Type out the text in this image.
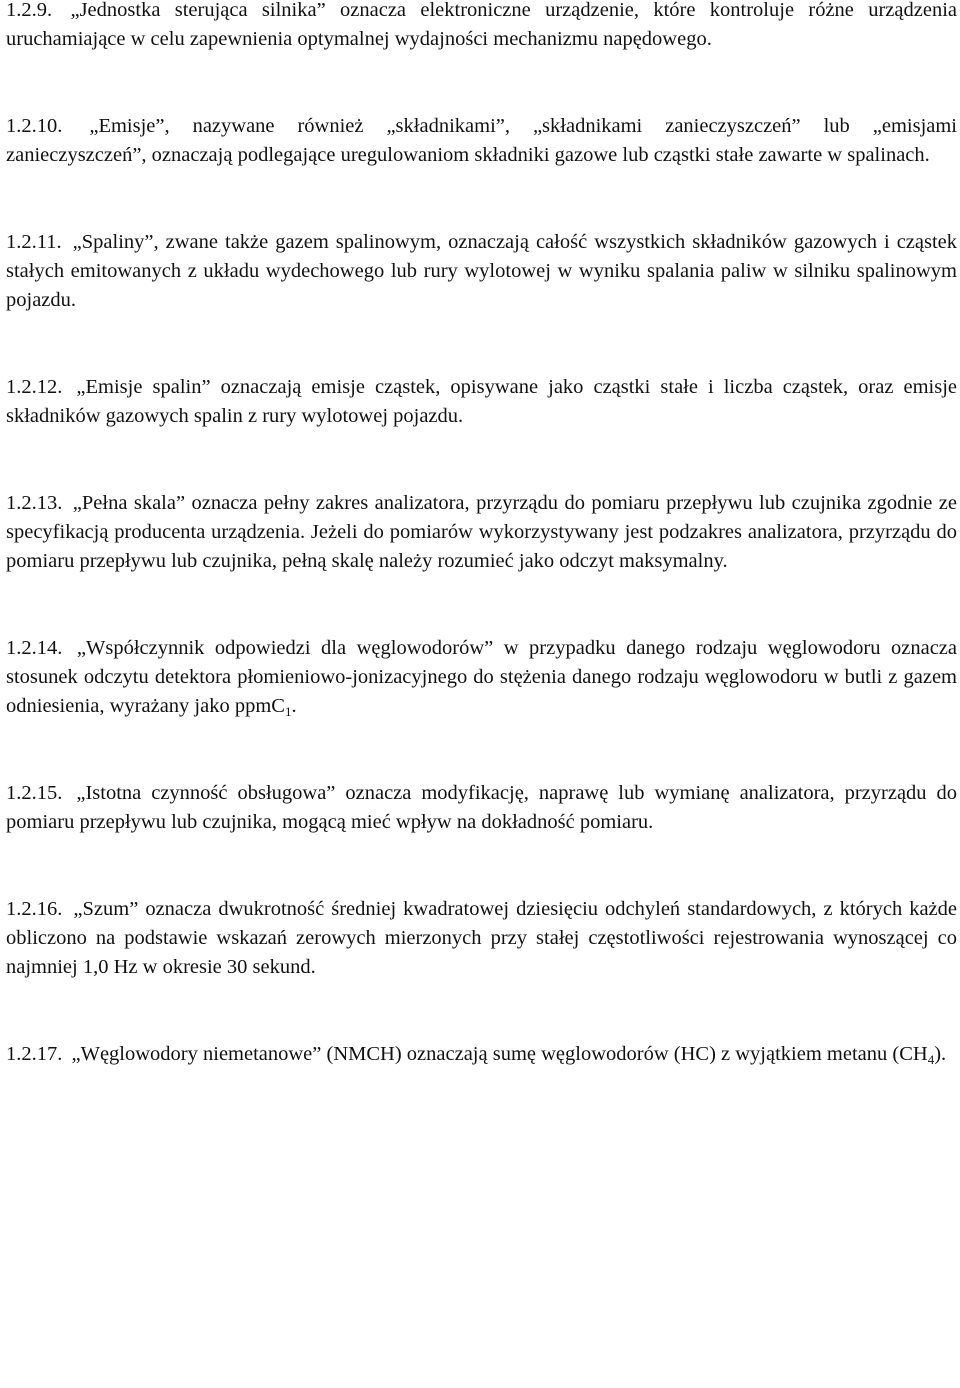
1.2.9. „Jednostka sterująca silnika” oznacza elektroniczne urządzenie, które kontroluje różne urządzenia uruchamiające w celu zapewnienia optymalnej wydajności mechanizmu napędowego.

1.2.10. „Emisje”, nazywane również „składnikami”, „składnikami zanieczyszczeń” lub „emisjami zanieczyszczeń”, oznaczają podlegające uregulowaniom składniki gazowe lub cząstki stałe zawarte w spalinach.

1.2.11. „Spaliny”, zwane także gazem spalinowym, oznaczają całość wszystkich składników gazowych i cząstek stałych emitowanych z układu wydechowego lub rury wylotowej w wyniku spalania paliw w silniku spalinowym pojazdu.

1.2.12. „Emisje spalin” oznaczają emisje cząstek, opisywane jako cząstki stałe i liczba cząstek, oraz emisje składników gazowych spalin z rury wylotowej pojazdu.

1.2.13. „Pełna skala” oznacza pełny zakres analizatora, przyrządu do pomiaru przepływu lub czujnika zgodnie ze specyfikacją producenta urządzenia. Jeżeli do pomiarów wykorzystywany jest podzakres analizatora, przyrządu do pomiaru przepływu lub czujnika, pełną skalę należy rozumieć jako odczyt maksymalny.

1.2.14. „Współczynnik odpowiedzi dla węglowodorów” w przypadku danego rodzaju węglowodoru oznacza stosunek odczytu detektora płomieniowo-jonizacyjnego do stężenia danego rodzaju węglowodoru w butli z gazem odniesienia, wyrażany jako ppmC$_1$.

1.2.15. „Istotna czynność obsługowa” oznacza modyfikację, naprawę lub wymianę analizatora, przyrządu do pomiaru przepływu lub czujnika, mogącą mieć wpływ na dokładność pomiaru.

1.2.16. „Szum” oznacza dwukrotność średniej kwadratowej dziesięciu odchyleń standardowych, z których każde obliczono na podstawie wskazań zerowych mierzonych przy stałej częstotliwości rejestrowania wynoszącej co najmniej 1,0 Hz w okresie 30 sekund.

1.2.17. „Węglowodory niemetanowe” (NMCH) oznaczają sumę węglowodorów (HC) z wyjątkiem metanu $(CH_4)$.
